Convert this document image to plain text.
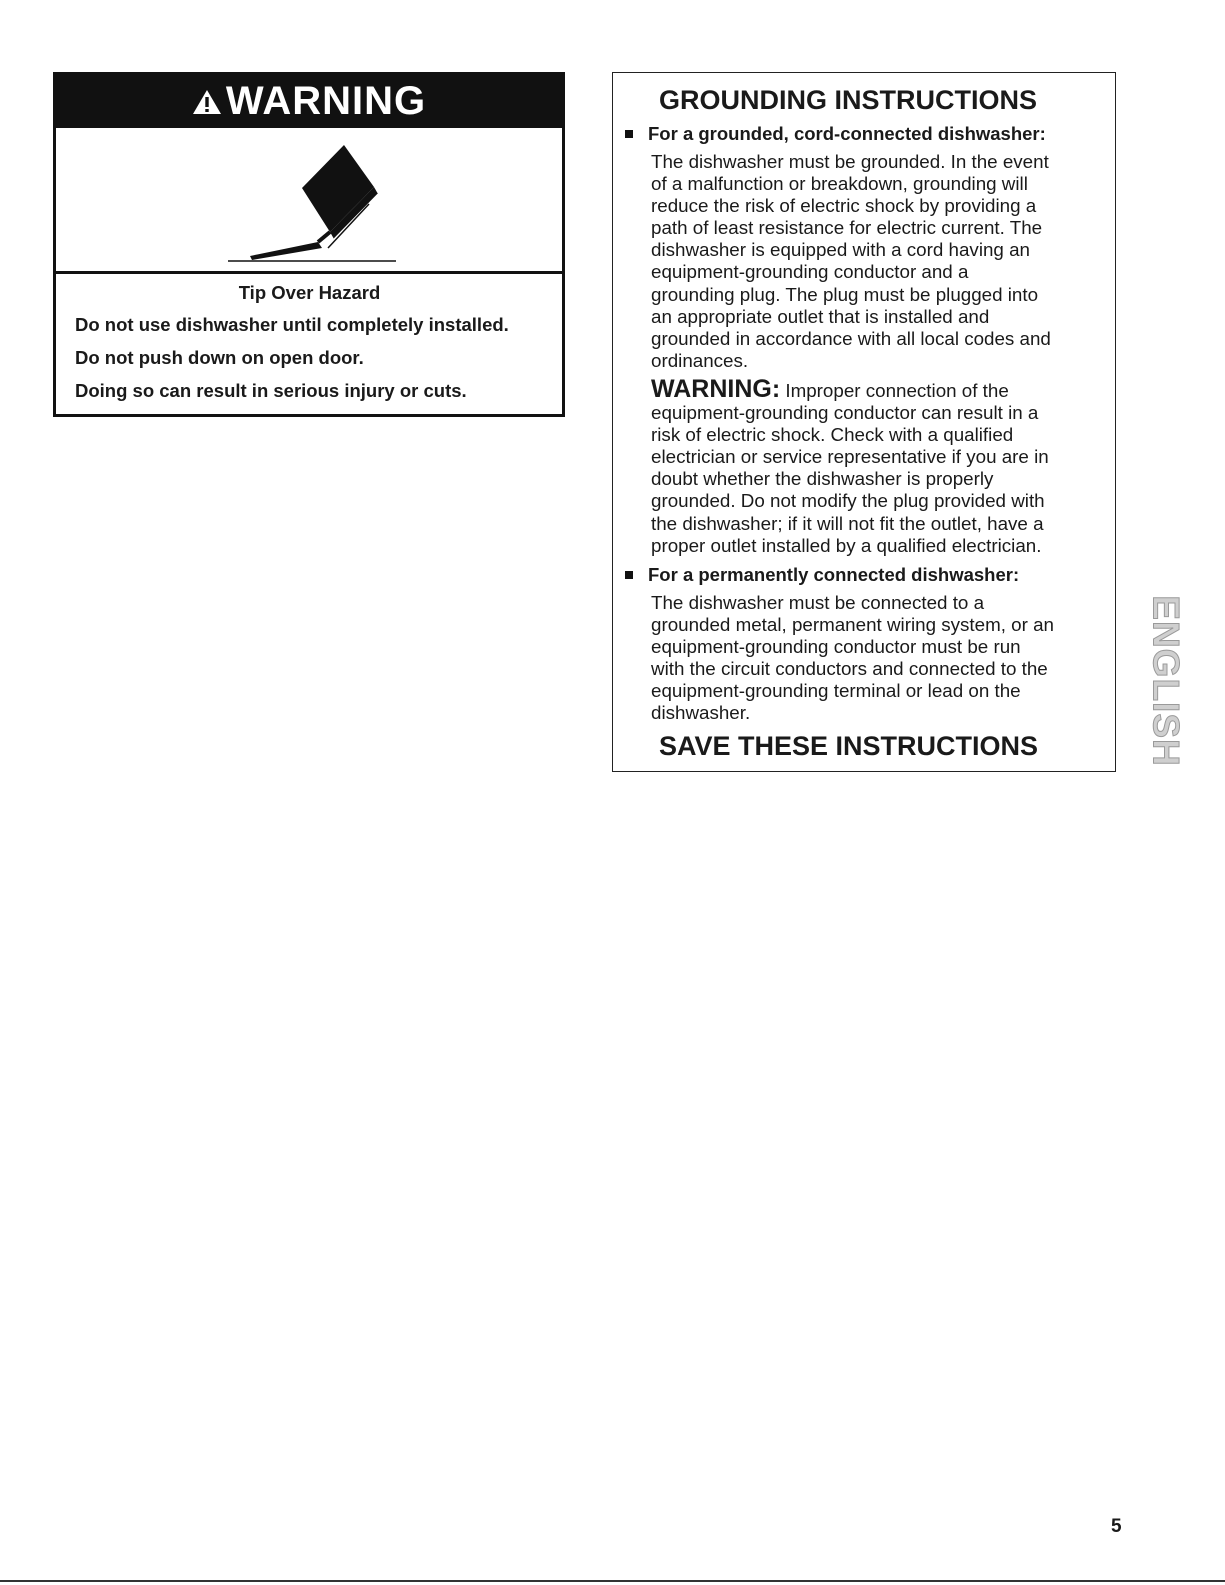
WARNING

Tip Over Hazard

Do not use dishwasher until completely installed.

Do not push down on open door.

Doing so can result in serious injury or cuts.

GROUNDING INSTRUCTIONS
For a grounded, cord-connected dishwasher:
The dishwasher must be grounded. In the event
of a malfunction or breakdown, grounding will
reduce the risk of electric shock by providing a
path of least resistance for electric current. The
dishwasher is equipped with a cord having an
equipment-grounding conductor and a
grounding plug. The plug must be plugged into
an appropriate outlet that is installed and
grounded in accordance with all local codes and
ordinances.
WARNING: Improper connection of the
equipment-grounding conductor can result in a
risk of electric shock. Check with a qualified
electrician or service representative if you are in
doubt whether the dishwasher is properly
grounded. Do not modify the plug provided with
the dishwasher; if it will not fit the outlet, have a
proper outlet installed by a qualified electrician.
For a permanently connected dishwasher:
The dishwasher must be connected to a
grounded metal, permanent wiring system, or an
equipment-grounding conductor must be run
with the circuit conductors and connected to the
equipment-grounding terminal or lead on the
dishwasher.
SAVE THESE INSTRUCTIONS	ENGLISH
5
